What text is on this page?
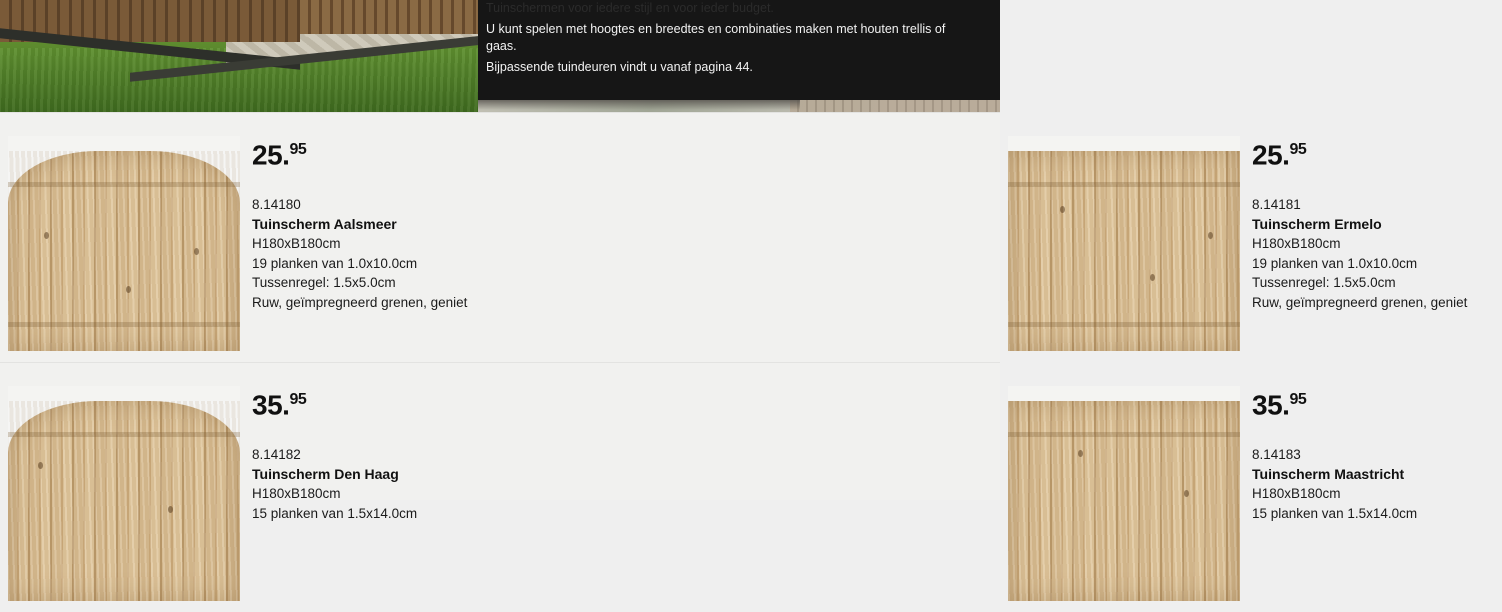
Tuinschermen voor iedere stijl en voor ieder budget.

U kunt spelen met hoogtes en breedtes en combinaties maken met houten trellis of gaas.

Bijpassende tuindeuren vindt u vanaf pagina 44.

25.95
8.14180
Tuinscherm Aalsmeer
H180xB180cm
19 planken van 1.0x10.0cm
Tussenregel: 1.5x5.0cm
Ruw, geïmpregneerd grenen, geniet
25.95
8.14181
Tuinscherm Ermelo
H180xB180cm
19 planken van 1.0x10.0cm
Tussenregel: 1.5x5.0cm
Ruw, geïmpregneerd grenen, geniet
35.95
8.14182
Tuinscherm Den Haag
H180xB180cm
15 planken van 1.5x14.0cm
35.95
8.14183
Tuinscherm Maastricht
H180xB180cm
15 planken van 1.5x14.0cm
